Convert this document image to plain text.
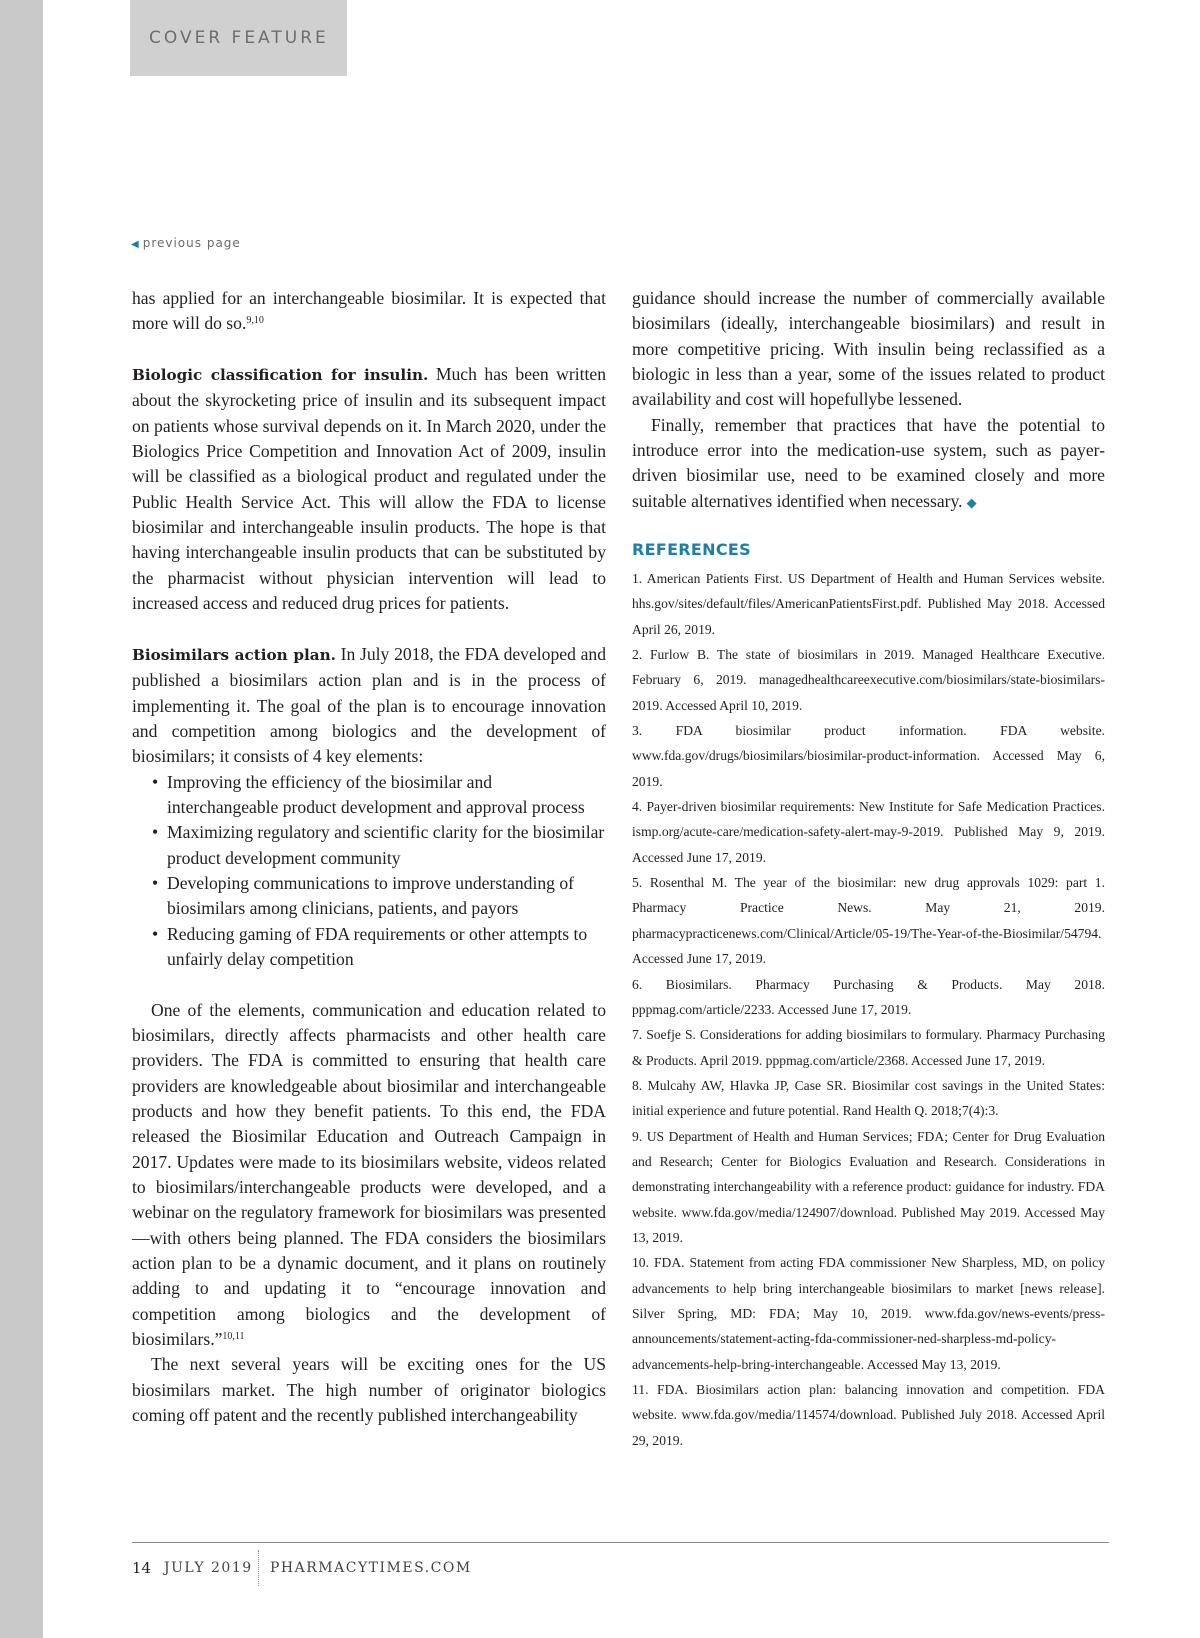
COVER FEATURE
◀ previous page

has applied for an interchangeable biosimilar. It is expected that more will do so.$^{9,10}$

Biologic classification for insulin. Much has been written about the skyrocketing price of insulin and its subsequent impact on patients whose survival depends on it. In March 2020, under the Biologics Price Competition and Innovation Act of 2009, insulin will be classified as a biological product and regulated under the Public Health Service Act. This will allow the FDA to license biosimilar and interchangeable insulin products. The hope is that having interchangeable insulin products that can be substituted by the pharmacist without physician intervention will lead to increased access and reduced drug prices for patients.

Biosimilars action plan. In July 2018, the FDA developed and published a biosimilars action plan and is in the process of implementing it. The goal of the plan is to encourage innovation and competition among biologics and the development of biosimilars; it consists of 4 key elements:

• Improving the efficiency of the biosimilar and interchangeable product development and approval process
• Maximizing regulatory and scientific clarity for the biosimilar product development community
• Developing communications to improve understanding of biosimilars among clinicians, patients, and payors
• Reducing gaming of FDA requirements or other attempts to unfairly delay competition

One of the elements, communication and education related to biosimilars, directly affects pharmacists and other health care providers. The FDA is committed to ensuring that health care providers are knowledgeable about biosimilar and interchangeable products and how they benefit patients. To this end, the FDA released the Biosimilar Education and Outreach Campaign in 2017. Updates were made to its biosimilars website, videos related to biosimilars/interchangeable products were developed, and a webinar on the regulatory framework for biosimilars was presented—with others being planned. The FDA considers the biosimilars action plan to be a dynamic document, and it plans on routinely adding to and updating it to “encourage innovation and competition among biologics and the development of biosimilars.”$^{10,11}$

The next several years will be exciting ones for the US biosimilars market. The high number of originator biologics coming off patent and the recently published interchangeability

guidance should increase the number of commercially available biosimilars (ideally, interchangeable biosimilars) and result in more competitive pricing. With insulin being reclassified as a biologic in less than a year, some of the issues related to product availability and cost will hopefullybe lessened.

Finally, remember that practices that have the potential to introduce error into the medication-use system, such as payer-driven biosimilar use, need to be examined closely and more suitable alternatives identified when necessary. ◆

REFERENCES

1. American Patients First. US Department of Health and Human Services website. hhs.gov/sites/default/files/AmericanPatientsFirst.pdf. Published May 2018. Accessed April 26, 2019.

2. Furlow B. The state of biosimilars in 2019. Managed Healthcare Executive. February 6, 2019. managedhealthcareexecutive.com/biosimilars/state-biosimilars-2019. Accessed April 10, 2019.

3. FDA biosimilar product information. FDA website. www.fda.gov/drugs/biosimilars/biosimilar-product-information. Accessed May 6, 2019.

4. Payer-driven biosimilar requirements: New Institute for Safe Medication Practices. ismp.org/acute-care/medication-safety-alert-may-9-2019. Published May 9, 2019. Accessed June 17, 2019.

5. Rosenthal M. The year of the biosimilar: new drug approvals 1029: part 1. Pharmacy Practice News. May 21, 2019. pharmacypracticenews.com/Clinical/Article/05-19/The-Year-of-the-Biosimilar/54794. Accessed June 17, 2019.

6. Biosimilars. Pharmacy Purchasing & Products. May 2018. pppmag.com/article/2233. Accessed June 17, 2019.

7. Soefje S. Considerations for adding biosimilars to formulary. Pharmacy Purchasing & Products. April 2019. pppmag.com/article/2368. Accessed June 17, 2019.

8. Mulcahy AW, Hlavka JP, Case SR. Biosimilar cost savings in the United States: initial experience and future potential. Rand Health Q. 2018;7(4):3.

9. US Department of Health and Human Services; FDA; Center for Drug Evaluation and Research; Center for Biologics Evaluation and Research. Considerations in demonstrating interchangeability with a reference product: guidance for industry. FDA website. www.fda.gov/media/124907/download. Published May 2019. Accessed May 13, 2019.

10. FDA. Statement from acting FDA commissioner New Sharpless, MD, on policy advancements to help bring interchangeable biosimilars to market [news release]. Silver Spring, MD: FDA; May 10, 2019. www.fda.gov/news-events/press-announcements/statement-acting-fda-commissioner-ned-sharpless-md-policy-advancements-help-bring-interchangeable. Accessed May 13, 2019.

11. FDA. Biosimilars action plan: balancing innovation and competition. FDA website. www.fda.gov/media/114574/download. Published July 2018. Accessed April 29, 2019.

14 JULY 2019 PHARMACYTIMES.COM
